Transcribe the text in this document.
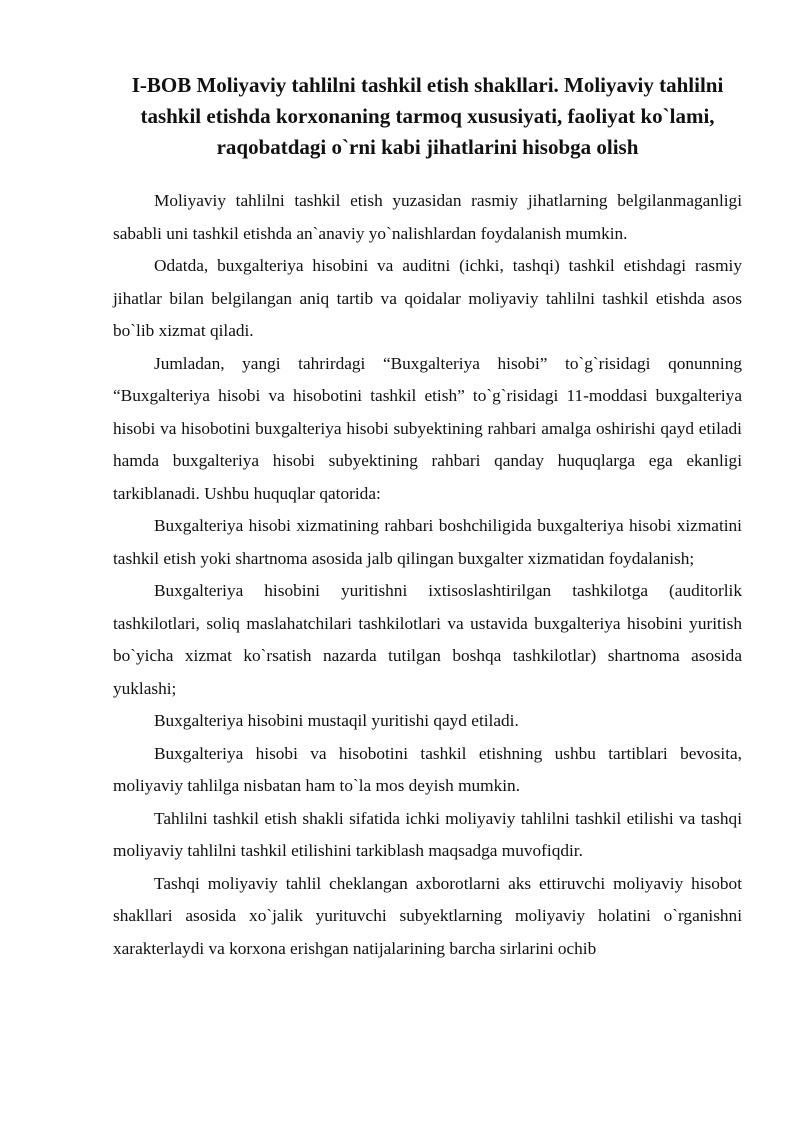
I-BOB Moliyaviy tahlilni tashkil etish shakllari. Moliyaviy tahlilni tashkil etishda korxonaning tarmoq xususiyati, faoliyat ko`lami, raqobatdagi o`rni kabi jihatlarini hisobga olish

Moliyaviy tahlilni tashkil etish yuzasidan rasmiy jihatlarning belgilanmaganligi sababli uni tashkil etishda an`anaviy yo`nalishlardan foydalanish mumkin.

Odatda, buxgalteriya hisobini va auditni (ichki, tashqi) tashkil etishdagi rasmiy jihatlar bilan belgilangan aniq tartib va qoidalar moliyaviy tahlilni tashkil etishda asos bo`lib xizmat qiladi.

Jumladan, yangi tahrirdagi “Buxgalteriya hisobi” to`g`risidagi qonunning “Buxgalteriya hisobi va hisobotini tashkil etish” to`g`risidagi 11-moddasi buxgalteriya hisobi va hisobotini buxgalteriya hisobi subyektining rahbari amalga oshirishi qayd etiladi hamda buxgalteriya hisobi subyektining rahbari qanday huquqlarga ega ekanligi tarkiblanadi. Ushbu huquqlar qatorida:

Buxgalteriya hisobi xizmatining rahbari boshchiligida buxgalteriya hisobi xizmatini tashkil etish yoki shartnoma asosida jalb qilingan buxgalter xizmatidan foydalanish;

Buxgalteriya hisobini yuritishni ixtisoslashtirilgan tashkilotga (auditorlik tashkilotlari, soliq maslahatchilari tashkilotlari va ustavida buxgalteriya hisobini yuritish bo`yicha xizmat ko`rsatish nazarda tutilgan boshqa tashkilotlar) shartnoma asosida yuklashi;

Buxgalteriya hisobini mustaqil yuritishi qayd etiladi.

Buxgalteriya hisobi va hisobotini tashkil etishning ushbu tartiblari bevosita, moliyaviy tahlilga nisbatan ham to`la mos deyish mumkin.

Tahlilni tashkil etish shakli sifatida ichki moliyaviy tahlilni tashkil etilishi va tashqi moliyaviy tahlilni tashkil etilishini tarkiblash maqsadga muvofiqdir.

Tashqi moliyaviy tahlil cheklangan axborotlarni aks ettiruvchi moliyaviy hisobot shakllari asosida xo`jalik yurituvchi subyektlarning moliyaviy holatini o`rganishni xarakterlaydi va korxona erishgan natijalarining barcha sirlarini ochib
